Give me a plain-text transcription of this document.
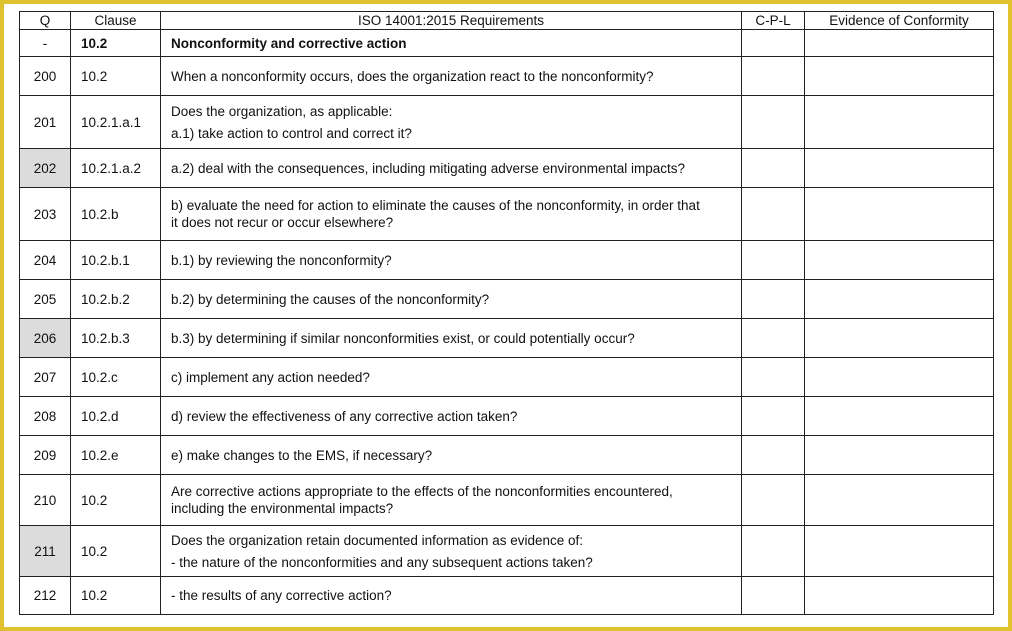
Q	Clause	ISO 14001:2015 Requirements	C-P-L	Evidence of Conformity
-	10.2	Nonconformity and corrective action		
200	10.2	When a nonconformity occurs, does the organization react to the nonconformity?		

201	10.2.1.a.1	Does the organization, as applicable:
a.1) take action to control and correct it?		

202	10.2.1.a.2	a.2) deal with the consequences, including mitigating adverse environmental impacts?		

203	10.2.b	b) evaluate the need for action to eliminate the causes of the nonconformity, in order that
it does not recur or occur elsewhere?		

204	10.2.b.1	b.1) by reviewing the nonconformity?		

205	10.2.b.2	b.2) by determining the causes of the nonconformity?		

206	10.2.b.3	b.3) by determining if similar nonconformities exist, or could potentially occur?		

207	10.2.c	c) implement any action needed?		

208	10.2.d	d) review the effectiveness of any corrective action taken?		

209	10.2.e	e) make changes to the EMS, if necessary?		

210	10.2	Are corrective actions appropriate to the effects of the nonconformities encountered,
including the environmental impacts?		

211	10.2	Does the organization retain documented information as evidence of:
- the nature of the nonconformities and any subsequent actions taken?		

212	10.2	- the results of any corrective action?		
